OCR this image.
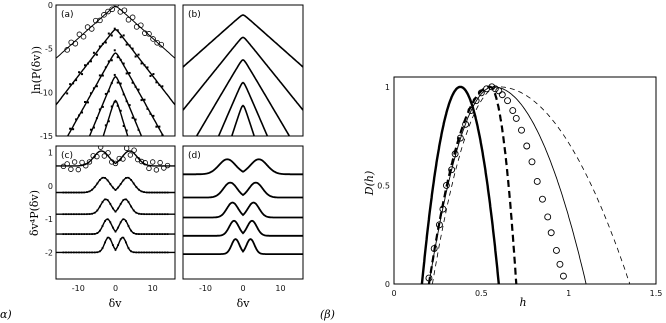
(a)	(b)
(c)	(d)
ln(P(δv))
δv⁴P(δv)
δv	δv
D(h)
h
α)	(β)
0
-5
-10
-15
1
0
-1
-2
-10	0	10	-10	0	10
0	0.5	1	1.5
0
0.5
1
